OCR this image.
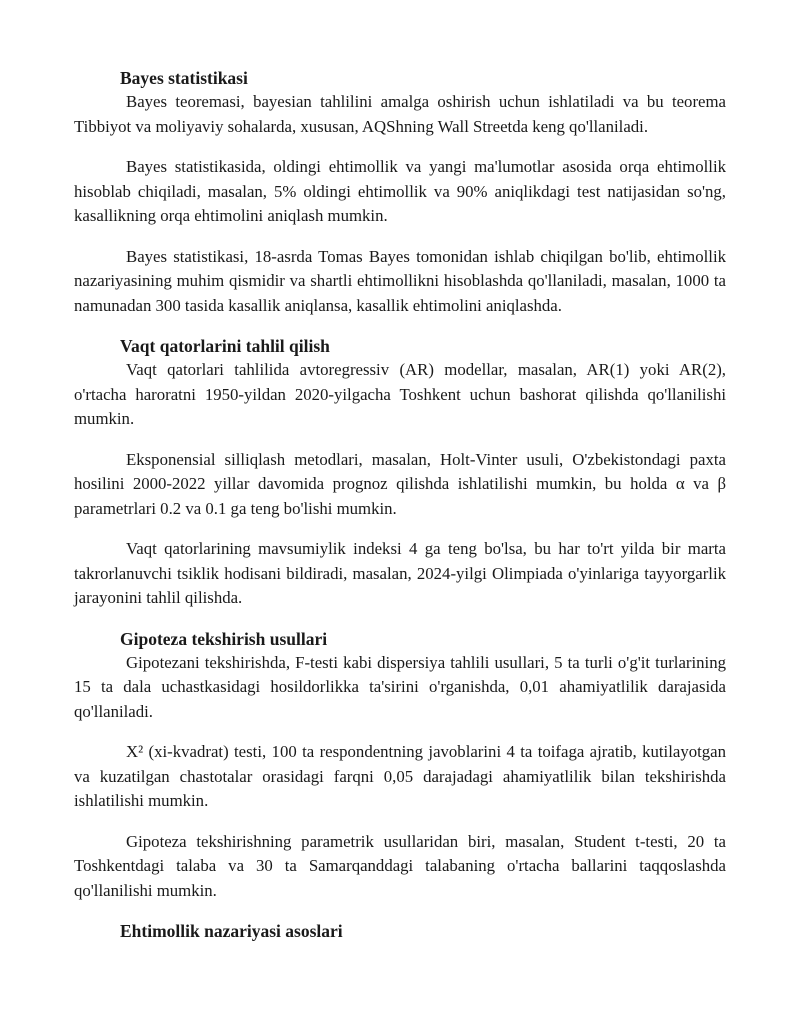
Bayes statistikasi

Bayes teoremasi, bayesian tahlilini amalga oshirish uchun ishlatiladi va bu teorema Tibbiyot va moliyaviy sohalarda, xususan, AQShning Wall Streetda keng qo'llaniladi.

Bayes statistikasida, oldingi ehtimollik va yangi ma'lumotlar asosida orqa ehtimollik hisoblab chiqiladi, masalan, 5% oldingi ehtimollik va 90% aniqlikdagi test natijasidan so'ng, kasallikning orqa ehtimolini aniqlash mumkin.

Bayes statistikasi, 18-asrda Tomas Bayes tomonidan ishlab chiqilgan bo'lib, ehtimollik nazariyasining muhim qismidir va shartli ehtimollikni hisoblashda qo'llaniladi, masalan, 1000 ta namunadan 300 tasida kasallik aniqlansa, kasallik ehtimolini aniqlashda.

Vaqt qatorlarini tahlil qilish

Vaqt qatorlari tahlilida avtoregressiv (AR) modellar, masalan, AR(1) yoki AR(2), o'rtacha haroratni 1950-yildan 2020-yilgacha Toshkent uchun bashorat qilishda qo'llanilishi mumkin.

Eksponensial silliqlash metodlari, masalan, Holt-Vinter usuli, O'zbekistondagi paxta hosilini 2000-2022 yillar davomida prognoz qilishda ishlatilishi mumkin, bu holda α va β parametrlari 0.2 va 0.1 ga teng bo'lishi mumkin.

Vaqt qatorlarining mavsumiylik indeksi 4 ga teng bo'lsa, bu har to'rt yilda bir marta takrorlanuvchi tsiklik hodisani bildiradi, masalan, 2024-yilgi Olimpiada o'yinlariga tayyorgarlik jarayonini tahlil qilishda.

Gipoteza tekshirish usullari

Gipotezani tekshirishda, F-testi kabi dispersiya tahlili usullari, 5 ta turli o'g'it turlarining 15 ta dala uchastkasidagi hosildorlikka ta'sirini o'rganishda, 0,01 ahamiyatlilik darajasida qo'llaniladi.

X² (xi-kvadrat) testi, 100 ta respondentning javoblarini 4 ta toifaga ajratib, kutilayotgan va kuzatilgan chastotalar orasidagi farqni 0,05 darajadagi ahamiyatlilik bilan tekshirishda ishlatilishi mumkin.

Gipoteza tekshirishning parametrik usullaridan biri, masalan, Student t-testi, 20 ta Toshkentdagi talaba va 30 ta Samarqanddagi talabaning o'rtacha ballarini taqqoslashda qo'llanilishi mumkin.

Ehtimollik nazariyasi asoslari
